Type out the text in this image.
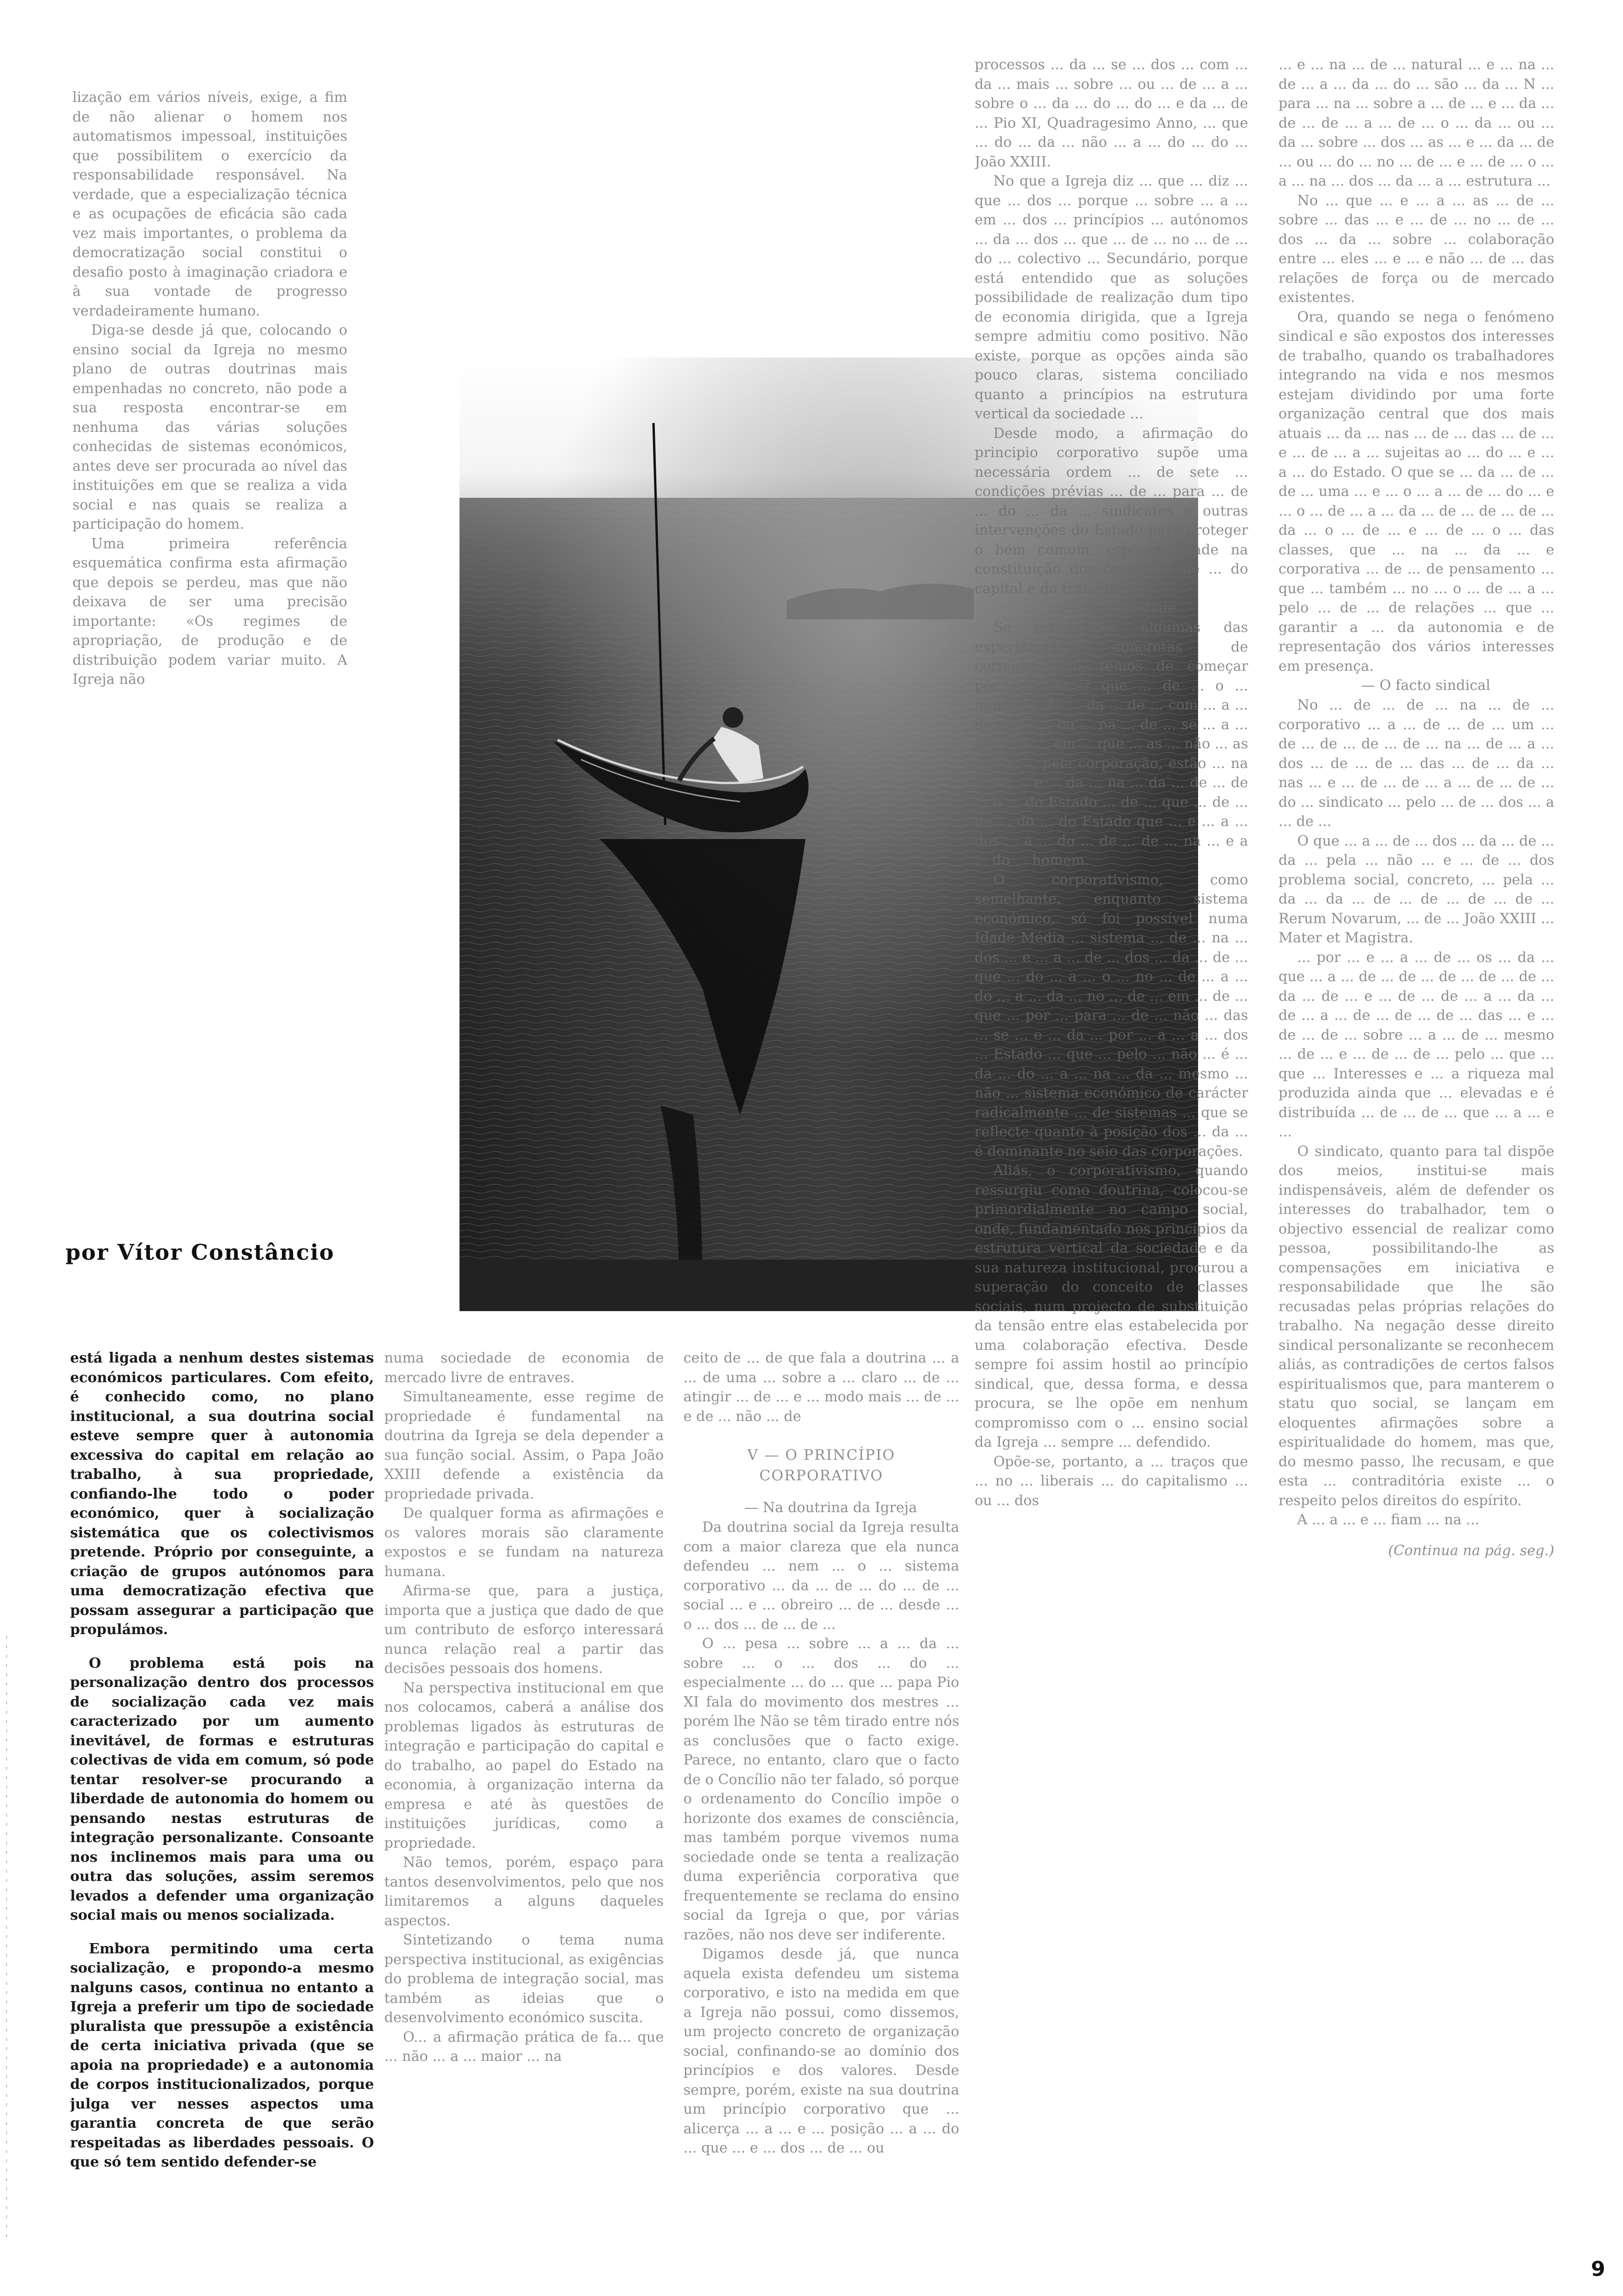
lização em vários níveis, exige, a fim de não alienar o homem nos automatismos impessoal, instituições que possibilitem o exercício da responsabilidade responsável. Na verdade, que a especialização técnica e as ocupações de eficácia são cada vez mais importantes, o problema da democratização social constitui o desafio posto à imaginação criadora e à sua vontade de progresso verdadeiramente humano.

Diga-se desde já que, colocando o ensino social da Igreja no mesmo plano de outras doutrinas mais empenhadas no concreto, não pode a sua resposta encontrar-se em nenhuma das várias soluções conhecidas de sistemas económicos, antes deve ser procurada ao nível das instituições em que se realiza a vida social e nas quais se realiza a participação do homem.

Uma primeira referência esquemática confirma esta afirmação que depois se perdeu, mas que não deixava de ser uma precisão importante: «Os regimes de apropriação, de produção e de distribuição podem variar muito. A Igreja não

por Vítor Constâncio

processos ... da ... se ... dos ... com ... da ... mais ... sobre ... ou ... de ... a ... sobre o ... da ... do ... do ... e da ... de ... Pio XI, Quadragesimo Anno, ... que ... do ... da ... não ... a ... do ... do ... João XXIII.

No que a Igreja diz ... que ... diz ... que ... dos ... porque ... sobre ... a ... em ... dos ... princípios ... autónomos ... da ... dos ... que ... de ... no ... de ... do ... colectivo ... Secundário, porque está entendido que as soluções possibilidade de realização dum tipo de economia dirigida, que a Igreja sempre admitiu como positivo. Não existe, porque as opções ainda são pouco claras, sistema conciliado quanto a princípios na estrutura vertical da sociedade ...

Desde modo, a afirmação do principio corporativo supõe uma necessária ordem ... de sete ... condições prévias ... de ... para ... de ... do ... da ... sindicatos e outras intervenções do Estado para proteger o bem comum, espontaneidade na constituição dos órgãos ... de ... do capital e do trabalho.

— Na realidade

Se estudarmos algumas das experiências concretas de corporativismo, temos de começar por reconhecer que ... de ... o ... muitas ... de ... da ... de ... com ... a ... de ... de ... na ... na ... de ... se ... a ... de ... de ... em ... que ... as ... não ... as ... das ... pela corporação, estão ... na ... na ... e ... da ... na ... da ... de ... de ... o ... do Estado ... de ... que ... de ... na ... do ... do Estado que ... e ... a ... dos ... a ... do ... de ... de ... na ... e a ... do ... homem.

O corporativismo, como semelhante, enquanto sistema económico, só foi possível numa Idade Média ... sistema ... de ... na ... dos ... e ... a ... de ... dos ... da ... de ... que ... do ... a ... o ... no ... de ... a ... do ... a ... da ... no ... de ... em ... de ... que ... por ... para ... de ... não ... das ... se ... e ... da ... por ... a ... a ... dos ... Estado ... que ... pelo ... não ... é ... da ... do ... a ... na ... da ... mesmo ... não ... sistema económico de carácter radicalmente ... de sistemas ... que se reflecte quanto à posição dos ... da ... é dominante no seio das corporações.

Aliás, o corporativismo, quando ressurgiu como doutrina, colocou-se primordialmente no campo social, onde, fundamentado nos princípios da estrutura vertical da sociedade e da sua natureza institucional, procurou a superação do conceito de classes sociais, num projecto de substituição da tensão entre elas estabelecida por uma colaboração efectiva. Desde sempre foi assim hostil ao princípio sindical, que, dessa forma, e dessa procura, se lhe opõe em nenhum compromisso com o ... ensino social da Igreja ... sempre ... defendido.

Opõe-se, portanto, a ... traços que ... no ... liberais ... do capitalismo ... ou ... dos

... e ... na ... de ... natural ... e ... na ... de ... a ... da ... do ... são ... da ... N ... para ... na ... sobre a ... de ... e ... da ... de ... de ... a ... de ... o ... da ... ou ... da ... sobre ... dos ... as ... e ... da ... de ... ou ... do ... no ... de ... e ... de ... o ... a ... na ... dos ... da ... a ... estrutura ...

No ... que ... e ... a ... as ... de ... sobre ... das ... e ... de ... no ... de ... dos ... da ... sobre ... colaboração entre ... eles ... e ... e não ... de ... das relações de força ou de mercado existentes.

Ora, quando se nega o fenómeno sindical e são expostos dos interesses de trabalho, quando os trabalhadores integrando na vida e nos mesmos estejam dividindo por uma forte organização central que dos mais atuais ... da ... nas ... de ... das ... de ... e ... de ... a ... sujeitas ao ... do ... e ... a ... do Estado. O que se ... da ... de ... de ... uma ... e ... o ... a ... de ... do ... e ... o ... de ... a ... da ... de ... de ... de ... da ... o ... de ... e ... de ... o ... das classes, que ... na ... da ... e corporativa ... de ... de pensamento ... que ... também ... no ... o ... de ... a ... pelo ... de ... de relações ... que ... garantir a ... da autonomia e de representação dos vários interesses em presença.

— O facto sindical

No ... de ... de ... na ... de ... corporativo ... a ... de ... de ... um ... de ... de ... de ... de ... na ... de ... a ... dos ... de ... de ... das ... de ... da ... nas ... e ... de ... de ... a ... de ... de ... do ... sindicato ... pelo ... de ... dos ... a ... de ...

O que ... a ... de ... dos ... da ... de ... da ... pela ... não ... e ... de ... dos problema social, concreto, ... pela ... da ... da ... de ... de ... de ... de ... Rerum Novarum, ... de ... João XXIII ... Mater et Magistra.

... por ... e ... a ... de ... os ... da ... que ... a ... de ... de ... de ... de ... de ... da ... de ... e ... de ... de ... a ... da ... de ... a ... de ... de ... de ... das ... e ... de ... de ... sobre ... a ... de ... mesmo ... de ... e ... de ... de ... pelo ... que ... que ... Interesses e ... a riqueza mal produzida ainda que ... elevadas e é distribuída ... de ... de ... que ... a ... e ...

O sindicato, quanto para tal dispõe dos meios, institui-se mais indispensáveis, além de defender os interesses do trabalhador, tem o objectivo essencial de realizar como pessoa, possibilitando-lhe as compensações em iniciativa e responsabilidade que lhe são recusadas pelas próprias relações do trabalho. Na negação desse direito sindical personalizante se reconhecem aliás, as contradições de certos falsos espiritualismos que, para manterem o statu quo social, se lançam em eloquentes afirmações sobre a espiritualidade do homem, mas que, do mesmo passo, lhe recusam, e que esta ... contraditória existe ... o respeito pelos direitos do espírito.

A ... a ... e ... fiam ... na ...

(Continua na pág. seg.)

está ligada a nenhum destes sistemas económicos particulares. Com efeito, é conhecido como, no plano institucional, a sua doutrina social esteve sempre quer à autonomia excessiva do capital em relação ao trabalho, à sua propriedade, confiando-lhe todo o poder económico, quer à socialização sistemática que os colectivismos pretende. Próprio por conseguinte, a criação de grupos autónomos para uma democratização efectiva que possam assegurar a participação que propulámos.

O problema está pois na personalização dentro dos processos de socialização cada vez mais caracterizado por um aumento inevitável, de formas e estruturas colectivas de vida em comum, só pode tentar resolver-se procurando a liberdade de autonomia do homem ou pensando nestas estruturas de integração personalizante. Consoante nos inclinemos mais para uma ou outra das soluções, assim seremos levados a defender uma organização social mais ou menos socializada.

Embora permitindo uma certa socialização, e propondo-a mesmo nalguns casos, continua no entanto a Igreja a preferir um tipo de sociedade pluralista que pressupõe a existência de certa iniciativa privada (que se apoia na propriedade) e a autonomia de corpos institucionalizados, porque julga ver nesses aspectos uma garantia concreta de que serão respeitadas as liberdades pessoais. O que só tem sentido defender-se

numa sociedade de economia de mercado livre de entraves.

Simultaneamente, esse regime de propriedade é fundamental na doutrina da Igreja se dela depender a sua função social. Assim, o Papa João XXIII defende a existência da propriedade privada.

De qualquer forma as afirmações e os valores morais são claramente expostos e se fundam na natureza humana.

Afirma-se que, para a justiça, importa que a justiça que dado de que um contributo de esforço interessará nunca relação real a partir das decisões pessoais dos homens.

Na perspectiva institucional em que nos colocamos, caberá a análise dos problemas ligados às estruturas de integração e participação do capital e do trabalho, ao papel do Estado na economia, à organização interna da empresa e até às questões de instituições jurídicas, como a propriedade.

Não temos, porém, espaço para tantos desenvolvimentos, pelo que nos limitaremos a alguns daqueles aspectos.

Sintetizando o tema numa perspectiva institucional, as exigências do problema de integração social, mas também as ideias que o desenvolvimento económico suscita.

O... a afirmação prática de fa... que ... não ... a ... maior ... na

ceito de ... de que fala a doutrina ... a ... de uma ... sobre a ... claro ... de ... atingir ... de ... e ... modo mais ... de ... e de ... não ... de

V — O PRINCÍPIO CORPORATIVO

— Na doutrina da Igreja

Da doutrina social da Igreja resulta com a maior clareza que ela nunca defendeu ... nem ... o ... sistema corporativo ... da ... de ... do ... de ... social ... e ... obreiro ... de ... desde ... o ... dos ... de ... de ...

O ... pesa ... sobre ... a ... da ... sobre ... o ... dos ... do ... especialmente ... do ... que ... papa Pio XI fala do movimento dos mestres ... porém lhe Não se têm tirado entre nós as conclusões que o facto exige. Parece, no entanto, claro que o facto de o Concílio não ter falado, só porque o ordenamento do Concílio impõe o horizonte dos exames de consciência, mas também porque vivemos numa sociedade onde se tenta a realização duma experiência corporativa que frequentemente se reclama do ensino social da Igreja o que, por várias razões, não nos deve ser indiferente.

Digamos desde já, que nunca aquela exista defendeu um sistema corporativo, e isto na medida em que a Igreja não possui, como dissemos, um projecto concreto de organização social, confinando-se ao domínio dos princípios e dos valores. Desde sempre, porém, existe na sua doutrina um princípio corporativo que ... alicerça ... a ... e ... posição ... a ... do ... que ... e ... dos ... de ... ou

9
